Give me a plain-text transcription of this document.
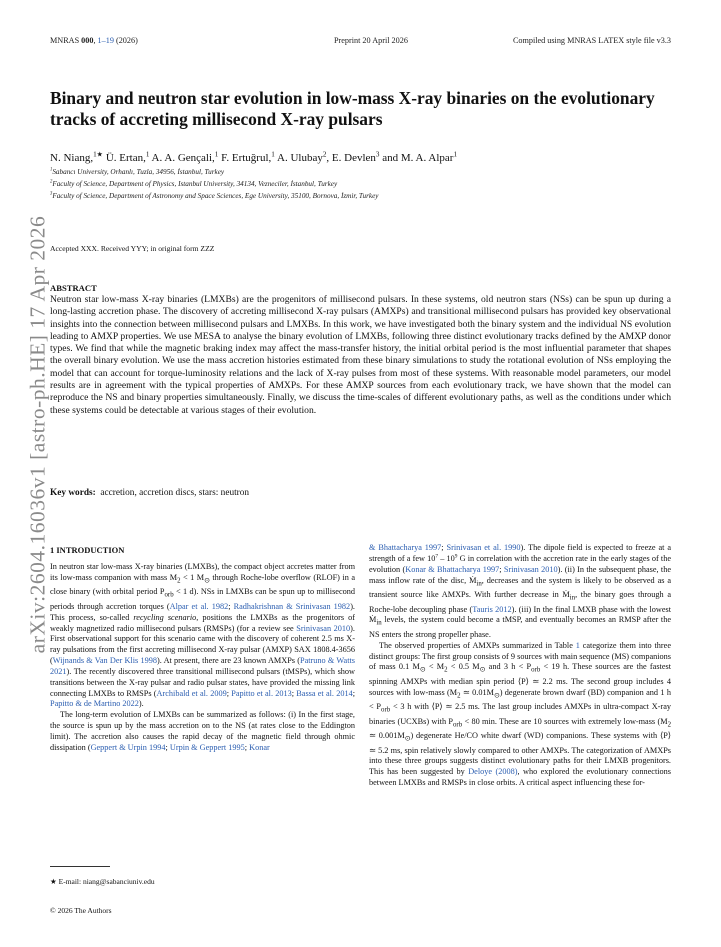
MNRAS 000, 1–19 (2026)	Preprint 20 April 2026	Compiled using MNRAS LATEX style file v3.3
arXiv:2604.16036v1 [astro-ph.HE] 17 Apr 2026
Binary and neutron star evolution in low-mass X-ray binaries on the evolutionary tracks of accreting millisecond X-ray pulsars
N. Niang,$^{1★}$ Ü. Ertan,$^1$ A. A. Gençali,$^1$ F. Ertuğrul,$^1$ A. Ulubay$^2$, E. Devlen$^3$ and M. A. Alpar$^1$
$^1$Sabancı University, Orhanlı, Tuzla, 34956, İstanbul, Turkey
$^2$Faculty of Science, Department of Physics, Istanbul University, 34134, Vezneciler, İstanbul, Turkey
$^3$Faculty of Science, Department of Astronomy and Space Sciences, Ege University, 35100, Bornova, İzmir, Turkey
Accepted XXX. Received YYY; in original form ZZZ
ABSTRACT

Neutron star low-mass X-ray binaries (LMXBs) are the progenitors of millisecond pulsars. In these systems, old neutron stars (NSs) can be spun up during a long-lasting accretion phase. The discovery of accreting millisecond X-ray pulsars (AMXPs) and transitional millisecond pulsars has provided key observational insights into the connection between millisecond pulsars and LMXBs. In this work, we have investigated both the binary system and the individual NS evolution leading to AMXP properties. We use MESA to analyse the binary evolution of LMXBs, following three distinct evolutionary tracks defined by the AMXP donor types. We find that while the magnetic braking index may affect the mass-transfer history, the initial orbital period is the most influential parameter that shapes the overall binary evolution. We use the mass accretion histories estimated from these binary simulations to study the rotational evolution of NSs employing the model that can account for torque-luminosity relations and the lack of X-ray pulses from most of these systems. With reasonable model parameters, our model results are in agreement with the typical properties of AMXPs. For these AMXP sources from each evolutionary track, we have shown that the model can reproduce the NS and binary properties simultaneously. Finally, we discuss the time-scales of different evolutionary paths, as well as the conditions under which these systems could be detectable at various stages of their evolution.

Key words: accretion, accretion discs, stars: neutron
1 INTRODUCTION

In neutron star low-mass X-ray binaries (LMXBs), the compact object accretes matter from its low-mass companion with mass $M_2 < 1$ $M_⊙$ through Roche-lobe overflow (RLOF) in a close binary (with orbital period $P_{orb} < 1$ d). NSs in LMXBs can be spun up to millisecond periods through accretion torques (Alpar et al. 1982; Radhakrishnan & Srinivasan 1982). This process, so-called recycling scenario, positions the LMXBs as the progenitors of weakly magnetized radio millisecond pulsars (RMSPs) (for a review see Srinivasan 2010). First observational support for this scenario came with the discovery of coherent 2.5 ms X-ray pulsations from the first accreting millisecond X-ray pulsar (AMXP) SAX 1808.4-3656 (Wijnands & Van Der Klis 1998). At present, there are 23 known AMXPs (Patruno & Watts 2021). The recently discovered three transitional millisecond pulsars (tMSPs), which show transitions between the X-ray pulsar and radio pulsar states, have provided the missing link connecting LMXBs to RMSPs (Archibald et al. 2009; Papitto et al. 2013; Bassa et al. 2014; Papitto & de Martino 2022).

The long-term evolution of LMXBs can be summarized as follows: (i) In the first stage, the source is spun up by the mass accretion on to the NS (at rates close to the Eddington limit). The accretion also causes the rapid decay of the magnetic field through ohmic dissipation (Geppert & Urpin 1994; Urpin & Geppert 1995; Konar

& Bhattacharya 1997; Srinivasan et al. 1990). The dipole field is expected to freeze at a strength of a few $10^7 - 10^9$ G in correlation with the accretion rate in the early stages of the evolution (Konar & Bhattacharya 1997; Srinivasan 2010). (ii) In the subsequent phase, the mass inflow rate of the disc, Ṁ$_{in}$, decreases and the system is likely to be observed as a transient source like AMXPs. With further decrease in Ṁ$_{in}$, the binary goes through a Roche-lobe decoupling phase (Tauris 2012). (iii) In the final LMXB phase with the lowest Ṁ$_{in}$ levels, the system could become a tMSP, and eventually becomes an RMSP after the NS enters the strong propeller phase.

The observed properties of AMXPs summarized in Table 1 categorize them into three distinct groups: The first group consists of 9 sources with main sequence (MS) companions of mass 0.1 $M_⊙ < M_2 < 0.5$ $M_⊙$ and 3 $h < P_{orb} < 19$ h. These sources are the fastest spinning AMXPs with median spin period ⟨P⟩ ≃ 2.2 ms. The second group includes 4 sources with low-mass ($M_2$ ≃ $0.01M_⊙$) degenerate brown dwarf (BD) companion and 1 $h < P_{orb} < 3$ h with ⟨P⟩ ≃ 2.5 ms. The last group includes AMXPs in ultra-compact X-ray binaries (UCXBs) with $P_{orb} < 80$ min. These are 10 sources with extremely low-mass ($M_2$ ≃ $0.001M_⊙$) degenerate He/CO white dwarf (WD) companions. These systems with ⟨P⟩ ≃ 5.2 ms, spin relatively slowly compared to other AMXPs. The categorization of AMXPs into these three groups suggests distinct evolutionary paths for their LMXB progenitors. This has been suggested by Deloye (2008), who explored the evolutionary connections between LMXBs and RMSPs in close orbits. A critical aspect influencing these for-

★ E-mail: niang@sabanciuniv.edu
© 2026 The Authors
